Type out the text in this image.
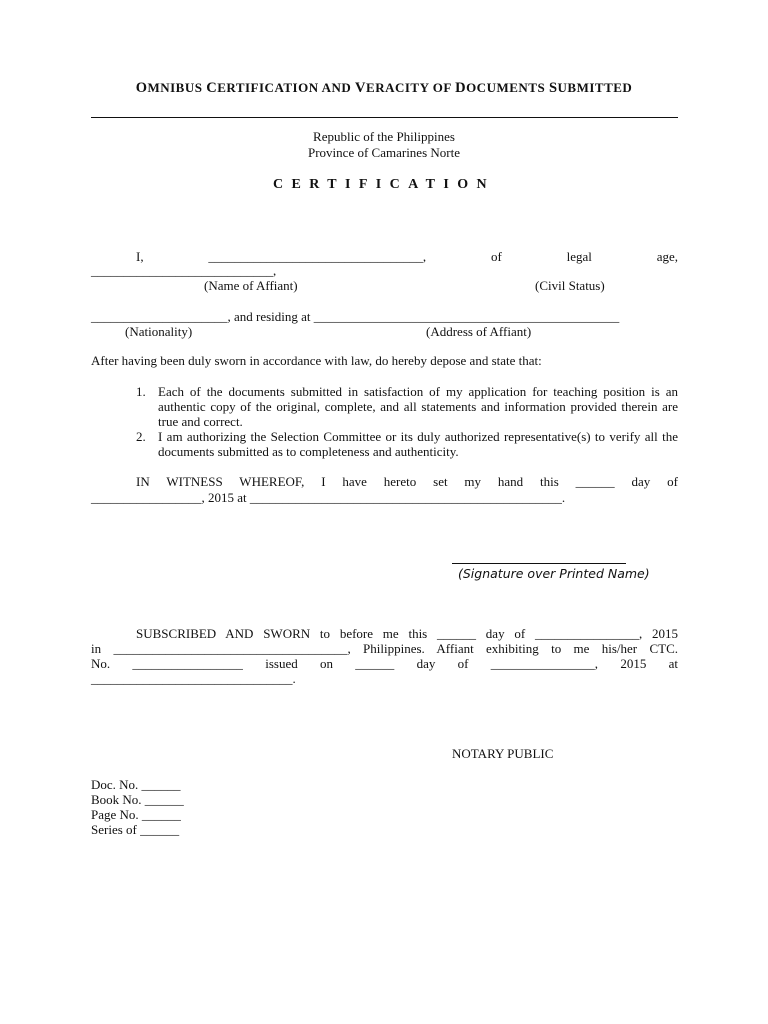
OMNIBUS CERTIFICATION AND VERACITY OF DOCUMENTS SUBMITTED
Republic of the Philippines
Province of Camarines Norte
CERTIFICATION
I, _________________________________, of legal age,
____________________________,
(Name of Affiant)	(Civil Status)
_____________________, and residing at _______________________________________________
(Nationality)	(Address of Affiant)
After having been duly sworn in accordance with law, do hereby depose and state that:
1. Each of the documents submitted in satisfaction of my application for teaching position is an authentic copy of the original, complete, and all statements and information provided therein are true and correct.
2. I am authorizing the Selection Committee or its duly authorized representative(s) to verify all the documents submitted as to completeness and authenticity.
IN WITNESS WHEREOF, I have hereto set my hand this ______ day of
_________________, 2015 at ________________________________________________.
(Signature over Printed Name)
SUBSCRIBED AND SWORN to before me this ______ day of ________________, 2015
in ____________________________________, Philippines. Affiant exhibiting to me his/her CTC.
No. _________________ issued on ______ day of ________________, 2015 at
_______________________________.
NOTARY PUBLIC
Doc. No. ______
Book No. ______
Page No. ______
Series of ______
